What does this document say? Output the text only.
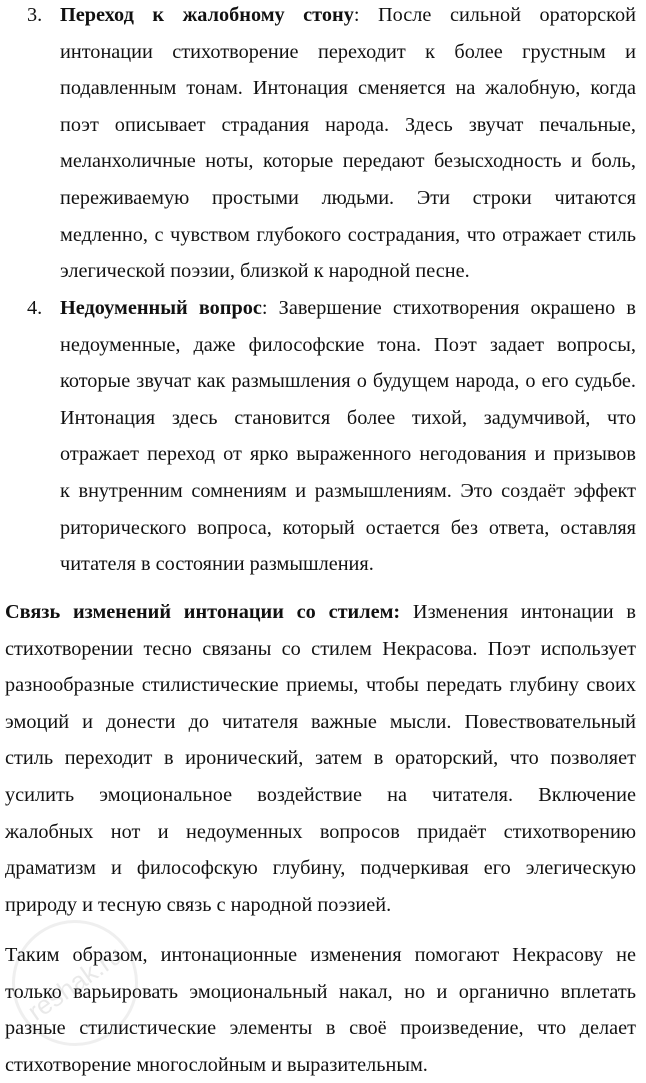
reshak.ru
3. Переход к жалобному стону: После сильной ораторской
интонации стихотворение переходит к более грустным и
подавленным тонам. Интонация сменяется на жалобную, когда
поэт описывает страдания народа. Здесь звучат печальные,
меланхоличные ноты, которые передают безысходность и боль,
переживаемую простыми людьми. Эти строки читаются
медленно, с чувством глубокого сострадания, что отражает стиль
элегической поэзии, близкой к народной песне.
4. Недоуменный вопрос: Завершение стихотворения окрашено в
недоуменные, даже философские тона. Поэт задает вопросы,
которые звучат как размышления о будущем народа, о его судьбе.
Интонация здесь становится более тихой, задумчивой, что
отражает переход от ярко выраженного негодования и призывов
к внутренним сомнениям и размышлениям. Это создаёт эффект
риторического вопроса, который остается без ответа, оставляя
читателя в состоянии размышления.
Связь изменений интонации со стилем: Изменения интонации в
стихотворении тесно связаны со стилем Некрасова. Поэт использует
разнообразные стилистические приемы, чтобы передать глубину своих
эмоций и донести до читателя важные мысли. Повествовательный
стиль переходит в иронический, затем в ораторский, что позволяет
усилить эмоциональное воздействие на читателя. Включение
жалобных нот и недоуменных вопросов придаёт стихотворению
драматизм и философскую глубину, подчеркивая его элегическую
природу и тесную связь с народной поэзией.
Таким образом, интонационные изменения помогают Некрасову не
только варьировать эмоциональный накал, но и органично вплетать
разные стилистические элементы в своё произведение, что делает
стихотворение многослойным и выразительным.
